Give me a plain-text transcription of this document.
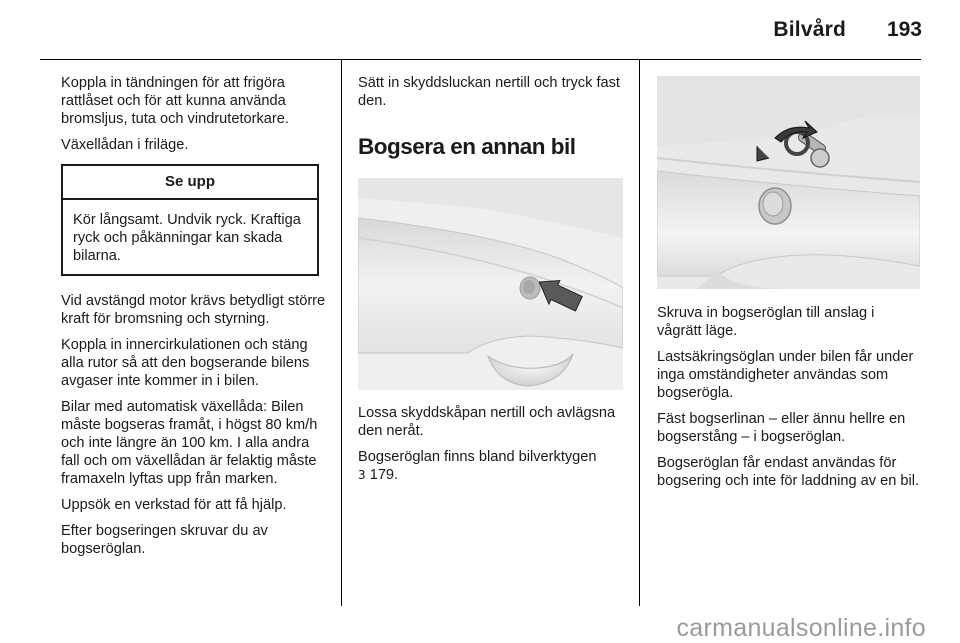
Bilvård	193

Koppla in tändningen för att frigöra rattlåset och för att kunna använda bromsljus, tuta och vindrutetorkare.

Växellådan i friläge.

Se upp
Kör långsamt. Undvik ryck. Kraftiga ryck och påkänningar kan skada bilarna.

Vid avstängd motor krävs betydligt större kraft för bromsning och styrning.

Koppla in innercirkulationen och stäng alla rutor så att den bogserande bilens avgaser inte kommer in i bilen.

Bilar med automatisk växellåda: Bilen måste bogseras framåt, i högst 80 km/h och inte längre än 100 km. I alla andra fall och om växellådan är felaktig måste framaxeln lyftas upp från marken.

Uppsök en verkstad för att få hjälp.

Efter bogseringen skruvar du av bogseröglan.

Sätt in skyddsluckan nertill och tryck fast den.

Bogsera en annan bil

Lossa skyddskåpan nertill och avlägsna den neråt.

Bogseröglan finns bland bilverktygen
3 179.

Skruva in bogseröglan till anslag i vågrätt läge.

Lastsäkringsöglan under bilen får under inga omständigheter användas som bogserögla.

Fäst bogserlinan – eller ännu hellre en bogserstång – i bogseröglan.

Bogseröglan får endast användas för bogsering och inte för laddning av en bil.

carmanualsonline.info
